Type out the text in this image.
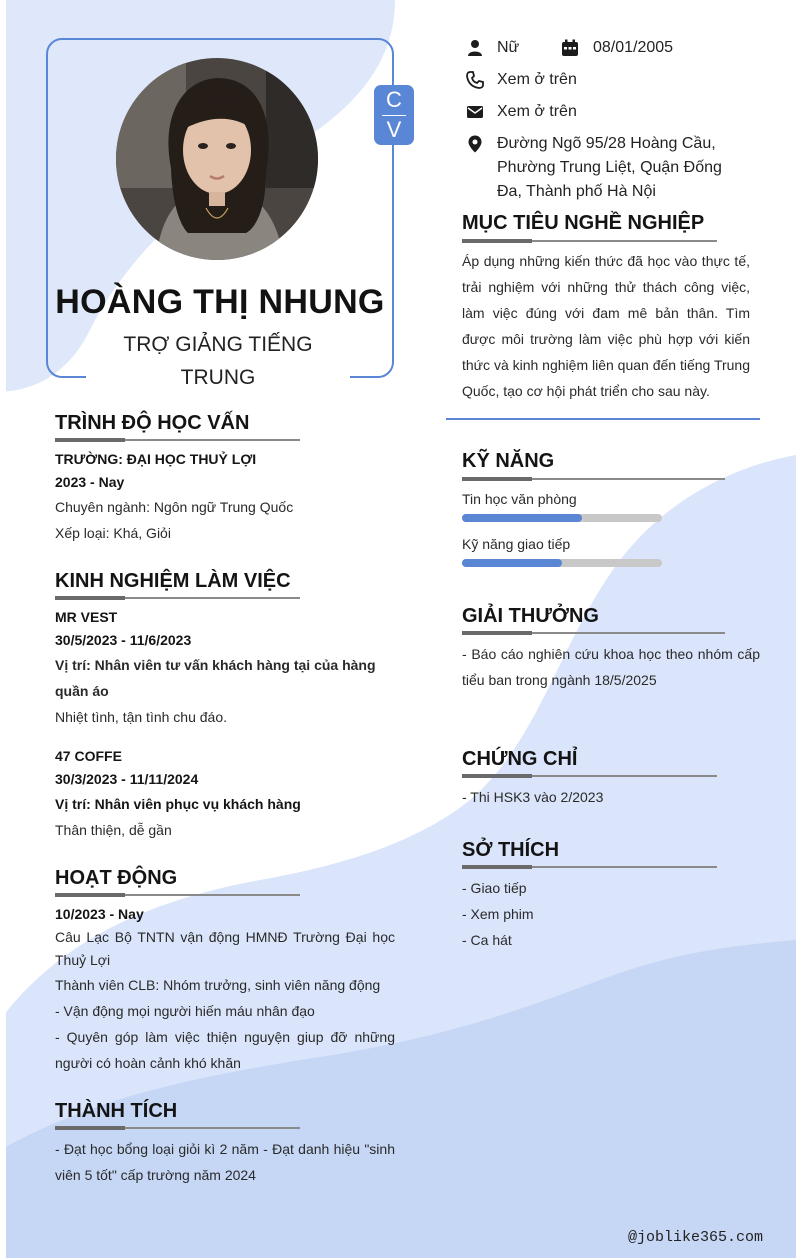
C
V
HOÀNG THỊ NHUNG
TRỢ GIẢNG TIẾNG TRUNG
Nữ	08/01/2005
Xem ở trên
Xem ở trên
Đường Ngõ 95/28 Hoàng Cầu, Phường Trung Liệt, Quận Đống Đa, Thành phố Hà Nội
MỤC TIÊU NGHỀ NGHIỆP
Áp dụng những kiến thức đã học vào thực tế, trải nghiệm với những thử thách công việc, làm việc đúng với đam mê bản thân. Tìm được môi trường làm việc phù hợp với kiến thức và kinh nghiệm liên quan đến tiếng Trung Quốc, tạo cơ hội phát triển cho sau này.
TRÌNH ĐỘ HỌC VẤN
TRƯỜNG: ĐẠI HỌC THUỶ LỢI
2023 - Nay
Chuyên ngành: Ngôn ngữ Trung Quốc
Xếp loại: Khá, Giỏi
KINH NGHIỆM LÀM VIỆC
MR VEST
30/5/2023 - 11/6/2023
Vị trí: Nhân viên tư vấn khách hàng tại của hàng quần áo
Nhiệt tình, tận tình chu đáo.
47 COFFE
30/3/2023 - 11/11/2024
Vị trí: Nhân viên phục vụ khách hàng
Thân thiện, dễ gần
HOẠT ĐỘNG
10/2023 - Nay
Câu Lạc Bộ TNTN vận động HMNĐ Trường Đại học Thuỷ Lợi
Thành viên CLB: Nhóm trưởng, sinh viên năng động
- Vận động mọi người hiến máu nhân đạo
- Quyên góp làm việc thiện nguyện giup đỡ những người có hoàn cảnh khó khăn
THÀNH TÍCH
- Đạt học bổng loại giỏi kì 2 năm - Đạt danh hiệu "sinh viên 5 tốt" cấp trường năm 2024
KỸ NĂNG
Tin học văn phòng
Kỹ năng giao tiếp
GIẢI THƯỞNG
- Báo cáo nghiên cứu khoa học theo nhóm cấp tiểu ban trong ngành 18/5/2025
CHỨNG CHỈ
- Thi HSK3 vào 2/2023
SỞ THÍCH
- Giao tiếp
- Xem phim
- Ca hát
@joblike365.com
